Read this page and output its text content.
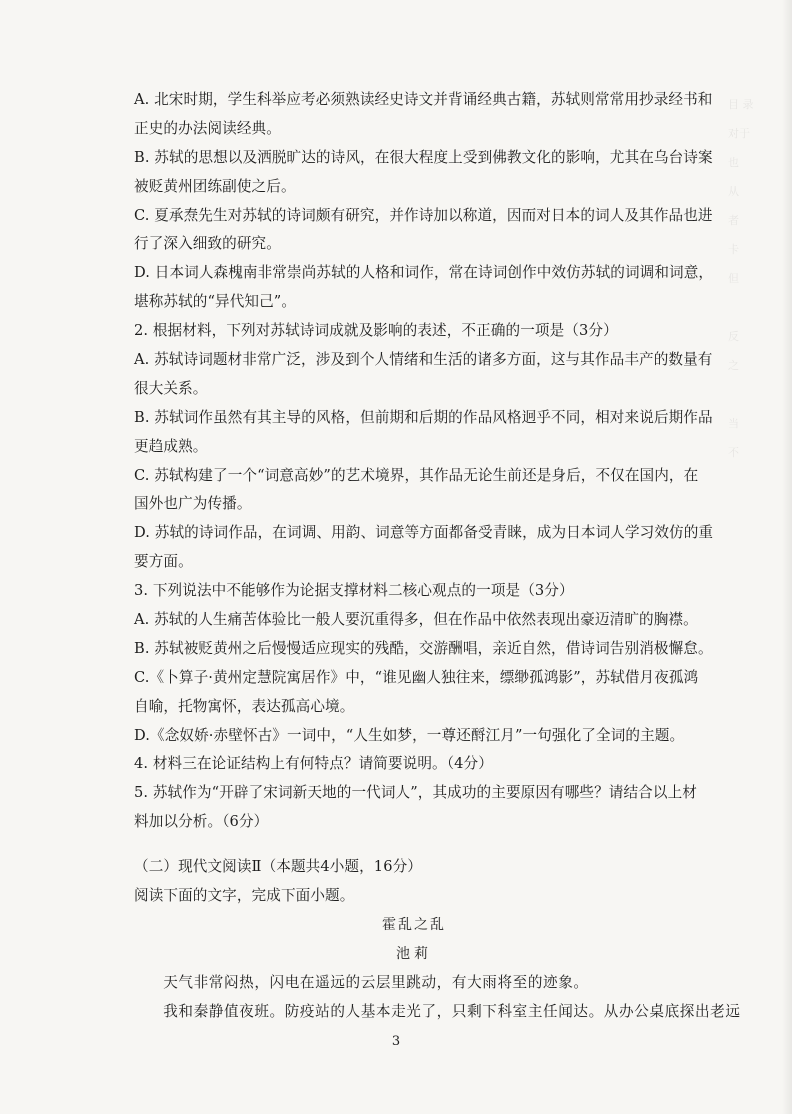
目 录
对于
也
从
者
卡
但

反
之

当
不
A. 北宋时期，学生科举应考必须熟读经史诗文并背诵经典古籍，苏轼则常常用抄录经书和
正史的办法阅读经典。
B. 苏轼的思想以及洒脱旷达的诗风，在很大程度上受到佛教文化的影响，尤其在乌台诗案
被贬黄州团练副使之后。
C. 夏承焘先生对苏轼的诗词颇有研究，并作诗加以称道，因而对日本的词人及其作品也进
行了深入细致的研究。
D. 日本词人森槐南非常崇尚苏轼的人格和词作，常在诗词创作中效仿苏轼的词调和词意，
堪称苏轼的“异代知己”。
2. 根据材料，下列对苏轼诗词成就及影响的表述，不正确的一项是（3分）
A. 苏轼诗词题材非常广泛，涉及到个人情绪和生活的诸多方面，这与其作品丰产的数量有
很大关系。
B. 苏轼词作虽然有其主导的风格，但前期和后期的作品风格迥乎不同，相对来说后期作品
更趋成熟。
C. 苏轼构建了一个“词意高妙”的艺术境界，其作品无论生前还是身后，不仅在国内，在
国外也广为传播。
D. 苏轼的诗词作品，在词调、用韵、词意等方面都备受青睐，成为日本词人学习效仿的重
要方面。
3. 下列说法中不能够作为论据支撑材料二核心观点的一项是（3分）
A. 苏轼的人生痛苦体验比一般人要沉重得多，但在作品中依然表现出豪迈清旷的胸襟。
B. 苏轼被贬黄州之后慢慢适应现实的残酷，交游酬唱，亲近自然，借诗词告别消极懈怠。
C.《卜算子·黄州定慧院寓居作》中，“谁见幽人独往来，缥缈孤鸿影”，苏轼借月夜孤鸿
自喻，托物寓怀，表达孤高心境。
D.《念奴娇·赤壁怀古》一词中，“人生如梦，一尊还酹江月”一句强化了全词的主题。
4. 材料三在论证结构上有何特点？请简要说明。（4分）
5. 苏轼作为“开辟了宋词新天地的一代词人”，其成功的主要原因有哪些？请结合以上材
料加以分析。（6分）
（二）现代文阅读Ⅱ（本题共4小题，16分）
阅读下面的文字，完成下面小题。
霍乱之乱
池莉
天气非常闷热，闪电在遥远的云层里跳动，有大雨将至的迹象。
我和秦静值夜班。防疫站的人基本走光了，只剩下科室主任闻达。从办公桌底探出老远
3
